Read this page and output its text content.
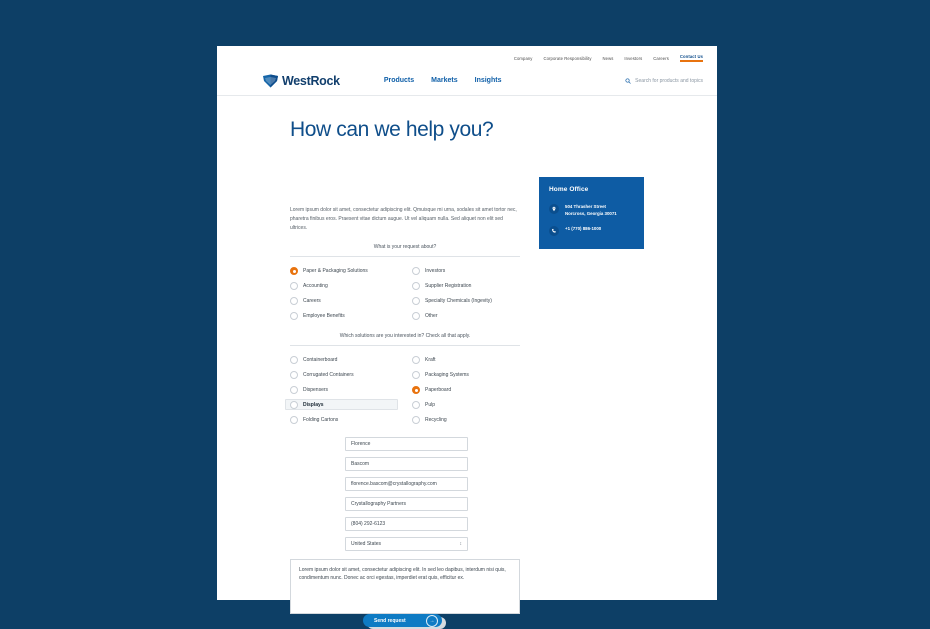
Company	Corporate Responsibility	News	Investors	Careers	Contact Us
WestRock	Products Markets Insights	Search for products and topics
How can we help you?

Lorem ipsum dolor sit amet, consectetur adipiscing elit. Qmuisque mi urna, sodales sit amet tortor nec, pharetra finibus eros. Praesent vitae dictum augue. Ut vel aliquam nulla. Sed aliquet non elit sed ultrices.

Home Office
504 Thrasher Street
Norcross, Georgia 30071
+1 (770) 886-1000
What is your request about?
Paper & Packaging Solutions	Investors
Accounting	Supplier Registration
Careers	Specialty Chemicals (Ingevity)
Employee Benefits	Other
Which solutions are you interested in? Check all that apply.
Containerboard	Kraft
Corrugated Containers	Packaging Systems
Dispensers	Paperboard
Displays	Pulp
Folding Cartons	Recycling
Florence
Bascom
florence.bascom@crystallography.com
Crystallography Partners
(804) 292-6123
United States
↕
Lorem ipsum dolor sit amet, consectetur adipiscing elit. In sed leo dapibus, interdum nisi quis, condimentum nunc. Donec ac orci egestas, imperdiet erat quis, efficitur ex.
Send request	→
